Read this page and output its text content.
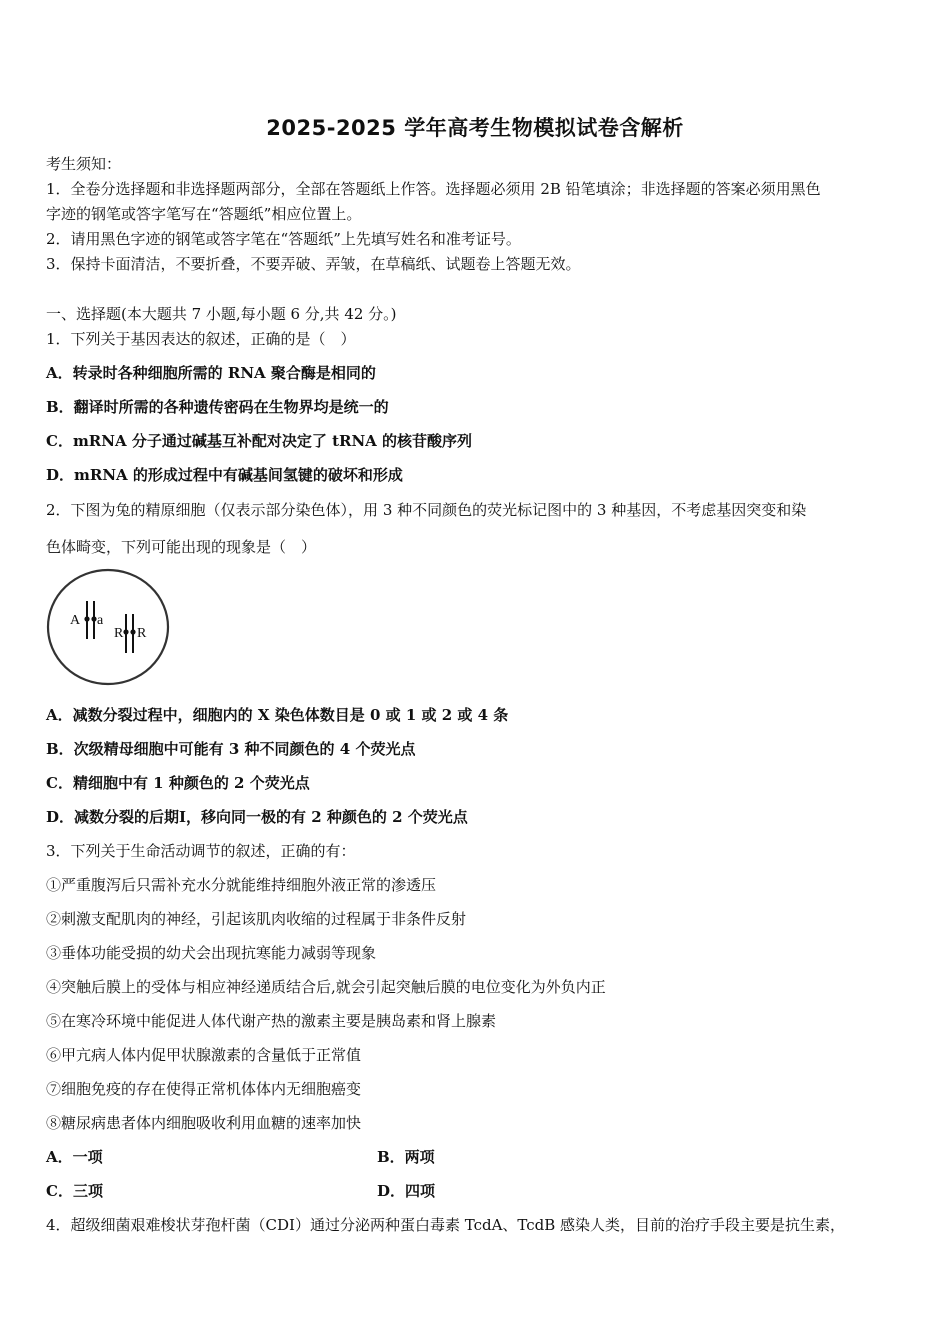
2025-2025 学年高考生物模拟试卷含解析
考生须知：
1．全卷分选择题和非选择题两部分，全部在答题纸上作答。选择题必须用 2B 铅笔填涂；非选择题的答案必须用黑色
字迹的钢笔或答字笔写在“答题纸”相应位置上。
2．请用黑色字迹的钢笔或答字笔在“答题纸”上先填写姓名和准考证号。
3．保持卡面清洁，不要折叠，不要弄破、弄皱，在草稿纸、试题卷上答题无效。
一、选择题(本大题共 7 小题,每小题 6 分,共 42 分。)
1．下列关于基因表达的叙述，正确的是（　）
A．转录时各种细胞所需的 RNA 聚合酶是相同的
B．翻译时所需的各种遗传密码在生物界均是统一的
C．mRNA 分子通过碱基互补配对决定了 tRNA 的核苷酸序列
D．mRNA 的形成过程中有碱基间氢键的破坏和形成
2．下图为兔的精原细胞（仅表示部分染色体），用 3 种不同颜色的荧光标记图中的 3 种基因，不考虑基因突变和染
色体畸变，下列可能出现的现象是（　）
A a
R R
A．减数分裂过程中，细胞内的 X 染色体数目是 0 或 1 或 2 或 4 条
B．次级精母细胞中可能有 3 种不同颜色的 4 个荧光点
C．精细胞中有 1 种颜色的 2 个荧光点
D．减数分裂的后期Ⅰ，移向同一极的有 2 种颜色的 2 个荧光点
3．下列关于生命活动调节的叙述，正确的有：
①严重腹泻后只需补充水分就能维持细胞外液正常的渗透压
②刺激支配肌肉的神经，引起该肌肉收缩的过程属于非条件反射
③垂体功能受损的幼犬会出现抗寒能力减弱等现象
④突触后膜上的受体与相应神经递质结合后,就会引起突触后膜的电位变化为外负内正
⑤在寒冷环境中能促进人体代谢产热的激素主要是胰岛素和肾上腺素
⑥甲亢病人体内促甲状腺激素的含量低于正常值
⑦细胞免疫的存在使得正常机体体内无细胞癌变
⑧糖尿病患者体内细胞吸收利用血糖的速率加快
A．一项	B．两项
C．三项	D．四项
4．超级细菌艰难梭状芽孢杆菌（CDI）通过分泌两种蛋白毒素 TcdA、TcdB 感染人类，目前的治疗手段主要是抗生素，
